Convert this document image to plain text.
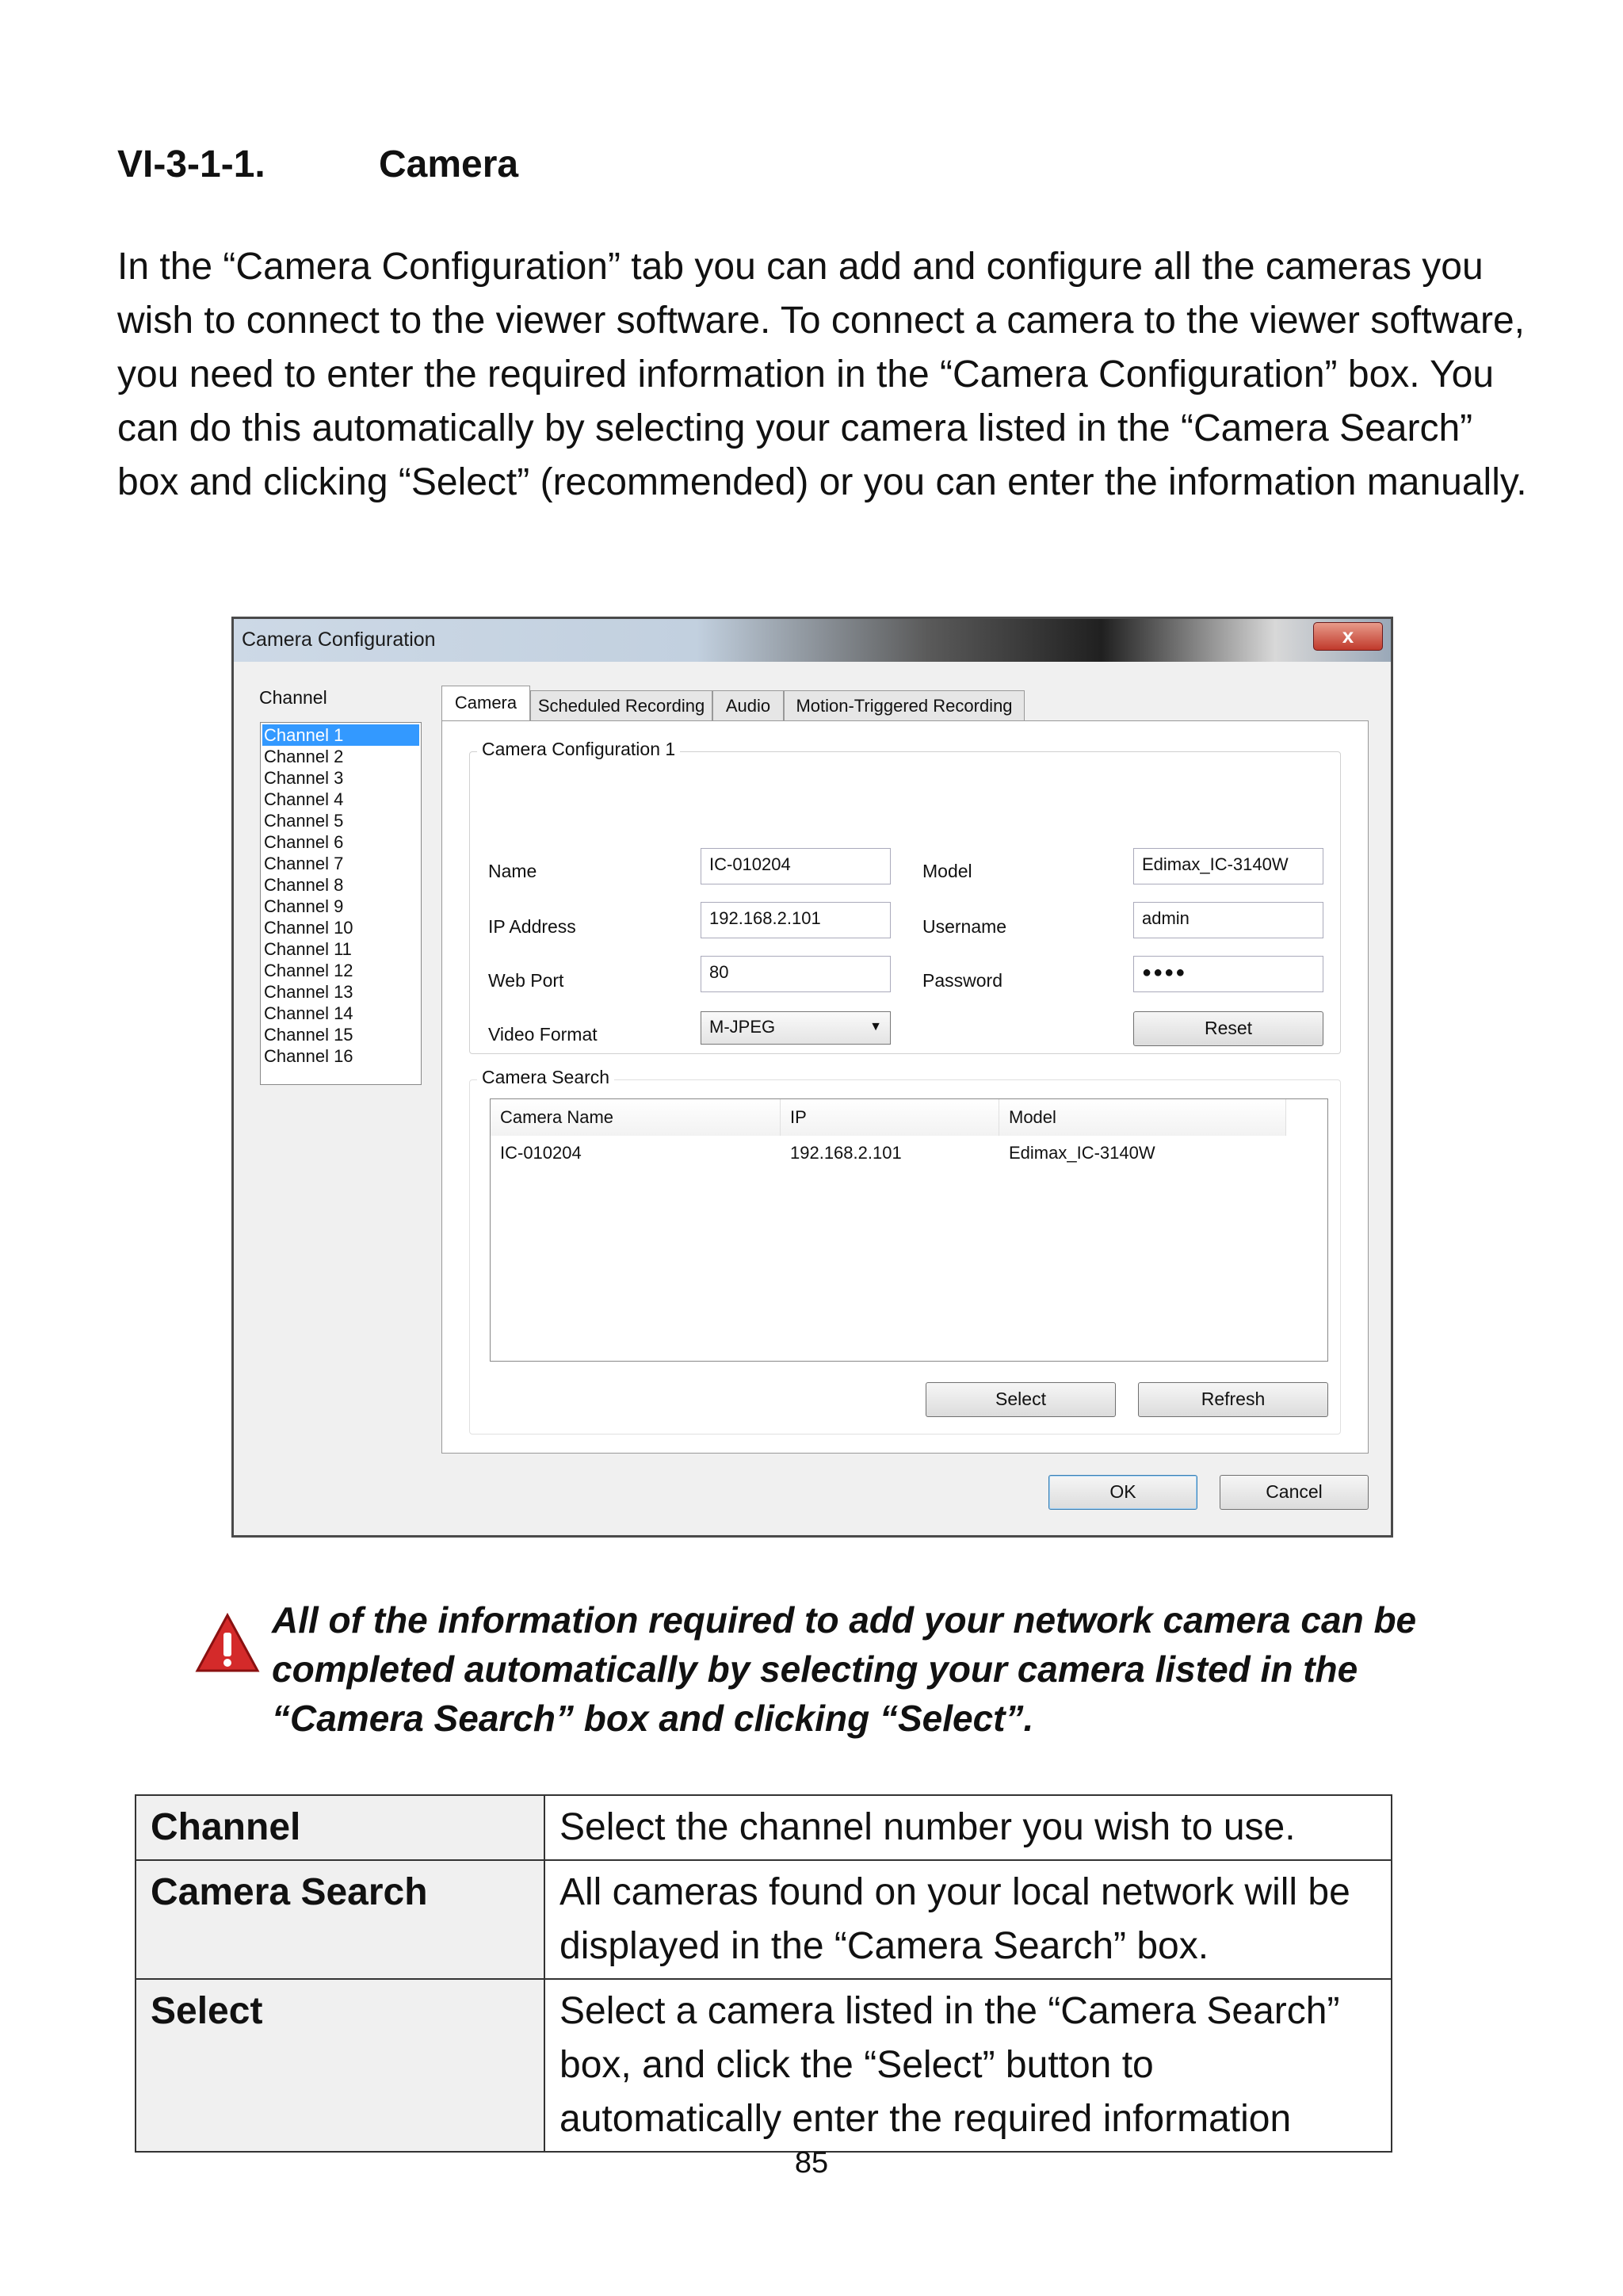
VI-3-1-1.	Camera
In the “Camera Configuration” tab you can add and configure all the cameras you wish to connect to the viewer software. To connect a camera to the viewer software, you need to enter the required information in the “Camera Configuration” box. You can do this automatically by selecting your camera listed in the “Camera Search” box and clicking “Select” (recommended) or you can enter the information manually.
Camera Configuration	x
Channel
Channel 1
Channel 2
Channel 3
Channel 4
Channel 5
Channel 6
Channel 7
Channel 8
Channel 9
Channel 10
Channel 11
Channel 12
Channel 13
Channel 14
Channel 15
Channel 16
Camera	Scheduled Recording	Audio	Motion-Triggered Recording
Camera Configuration 1
Name	IC-010204
IP Address	192.168.2.101
Web Port	80
Video Format	M-JPEG	▼
Model	Edimax_IC-3140W
Username	admin
Password	●●●●
Reset
Camera Search
Camera Name	IP	Model
IC-010204	192.168.2.101	Edimax_IC-3140W
Select	Refresh
OK	Cancel
All of the information required to add your network camera can be completed automatically by selecting your camera listed in the “Camera Search” box and clicking “Select”.
Channel	Select the channel number you wish to use.
Camera Search	All cameras found on your local network will be displayed in the “Camera Search” box.
Select	Select a camera listed in the “Camera Search” box, and click the “Select” button to automatically enter the required information
85
